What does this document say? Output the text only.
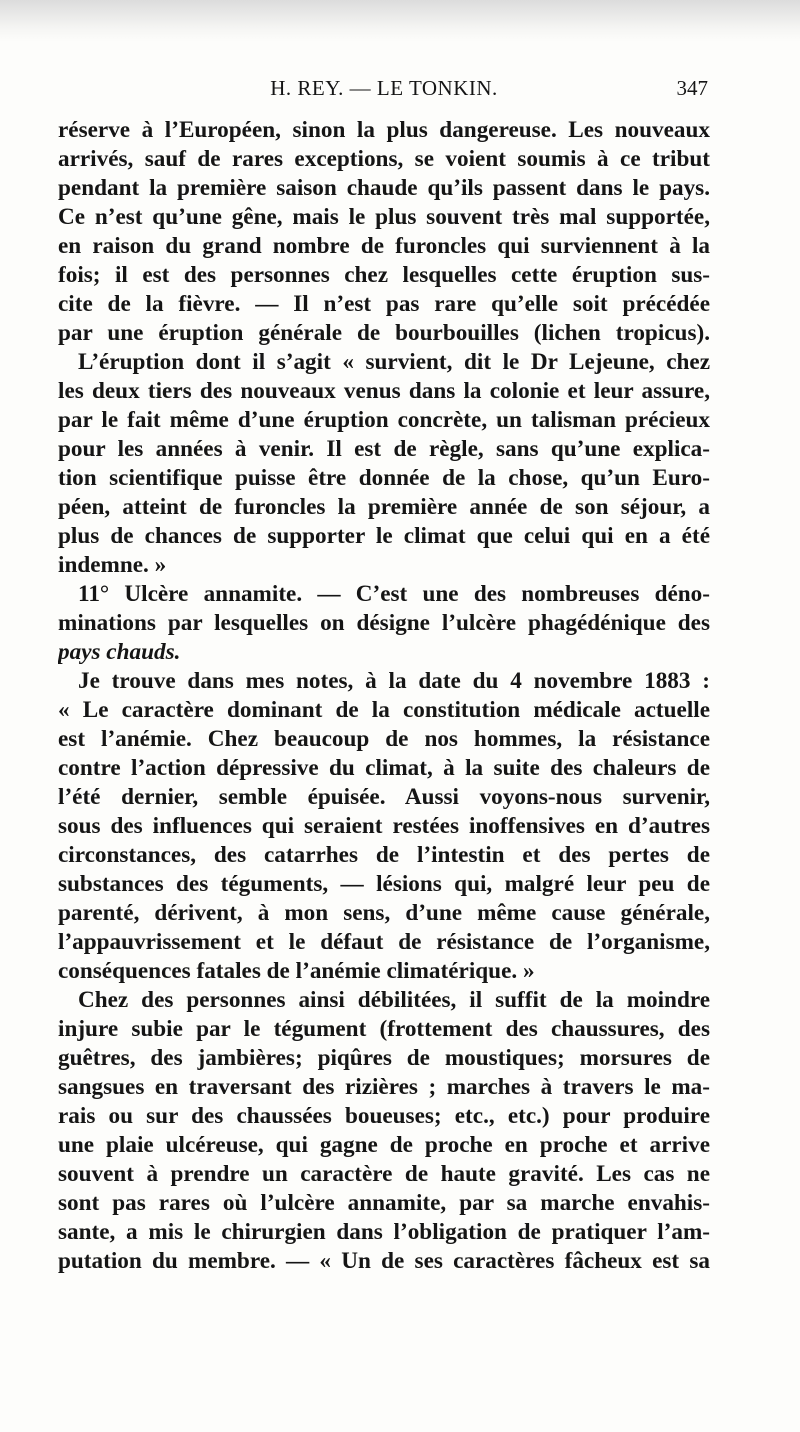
H. REY. — LE TONKIN.	347
réserve à l’Européen, sinon la plus dangereuse. Les nouveaux
arrivés, sauf de rares exceptions, se voient soumis à ce tribut
pendant la première saison chaude qu’ils passent dans le pays.
Ce n’est qu’une gêne, mais le plus souvent très mal supportée,
en raison du grand nombre de furoncles qui surviennent à la
fois; il est des personnes chez lesquelles cette éruption sus-
cite de la fièvre. — Il n’est pas rare qu’elle soit précédée
par une éruption générale de bourbouilles (lichen tropicus).
L’éruption dont il s’agit « survient, dit le Dr Lejeune, chez
les deux tiers des nouveaux venus dans la colonie et leur assure,
par le fait même d’une éruption concrète, un talisman précieux
pour les années à venir. Il est de règle, sans qu’une explica-
tion scientifique puisse être donnée de la chose, qu’un Euro-
péen, atteint de furoncles la première année de son séjour, a
plus de chances de supporter le climat que celui qui en a été
indemne. »
11° Ulcère annamite. — C’est une des nombreuses déno-
minations par lesquelles on désigne l’ulcère phagédénique des
pays chauds.
Je trouve dans mes notes, à la date du 4 novembre 1883 :
« Le caractère dominant de la constitution médicale actuelle
est l’anémie. Chez beaucoup de nos hommes, la résistance
contre l’action dépressive du climat, à la suite des chaleurs de
l’été dernier, semble épuisée. Aussi voyons-nous survenir,
sous des influences qui seraient restées inoffensives en d’autres
circonstances, des catarrhes de l’intestin et des pertes de
substances des téguments, — lésions qui, malgré leur peu de
parenté, dérivent, à mon sens, d’une même cause générale,
l’appauvrissement et le défaut de résistance de l’organisme,
conséquences fatales de l’anémie climatérique. »
Chez des personnes ainsi débilitées, il suffit de la moindre
injure subie par le tégument (frottement des chaussures, des
guêtres, des jambières; piqûres de moustiques; morsures de
sangsues en traversant des rizières ; marches à travers le ma-
rais ou sur des chaussées boueuses; etc., etc.) pour produire
une plaie ulcéreuse, qui gagne de proche en proche et arrive
souvent à prendre un caractère de haute gravité. Les cas ne
sont pas rares où l’ulcère annamite, par sa marche envahis-
sante, a mis le chirurgien dans l’obligation de pratiquer l’am-
putation du membre. — « Un de ses caractères fâcheux est sa
